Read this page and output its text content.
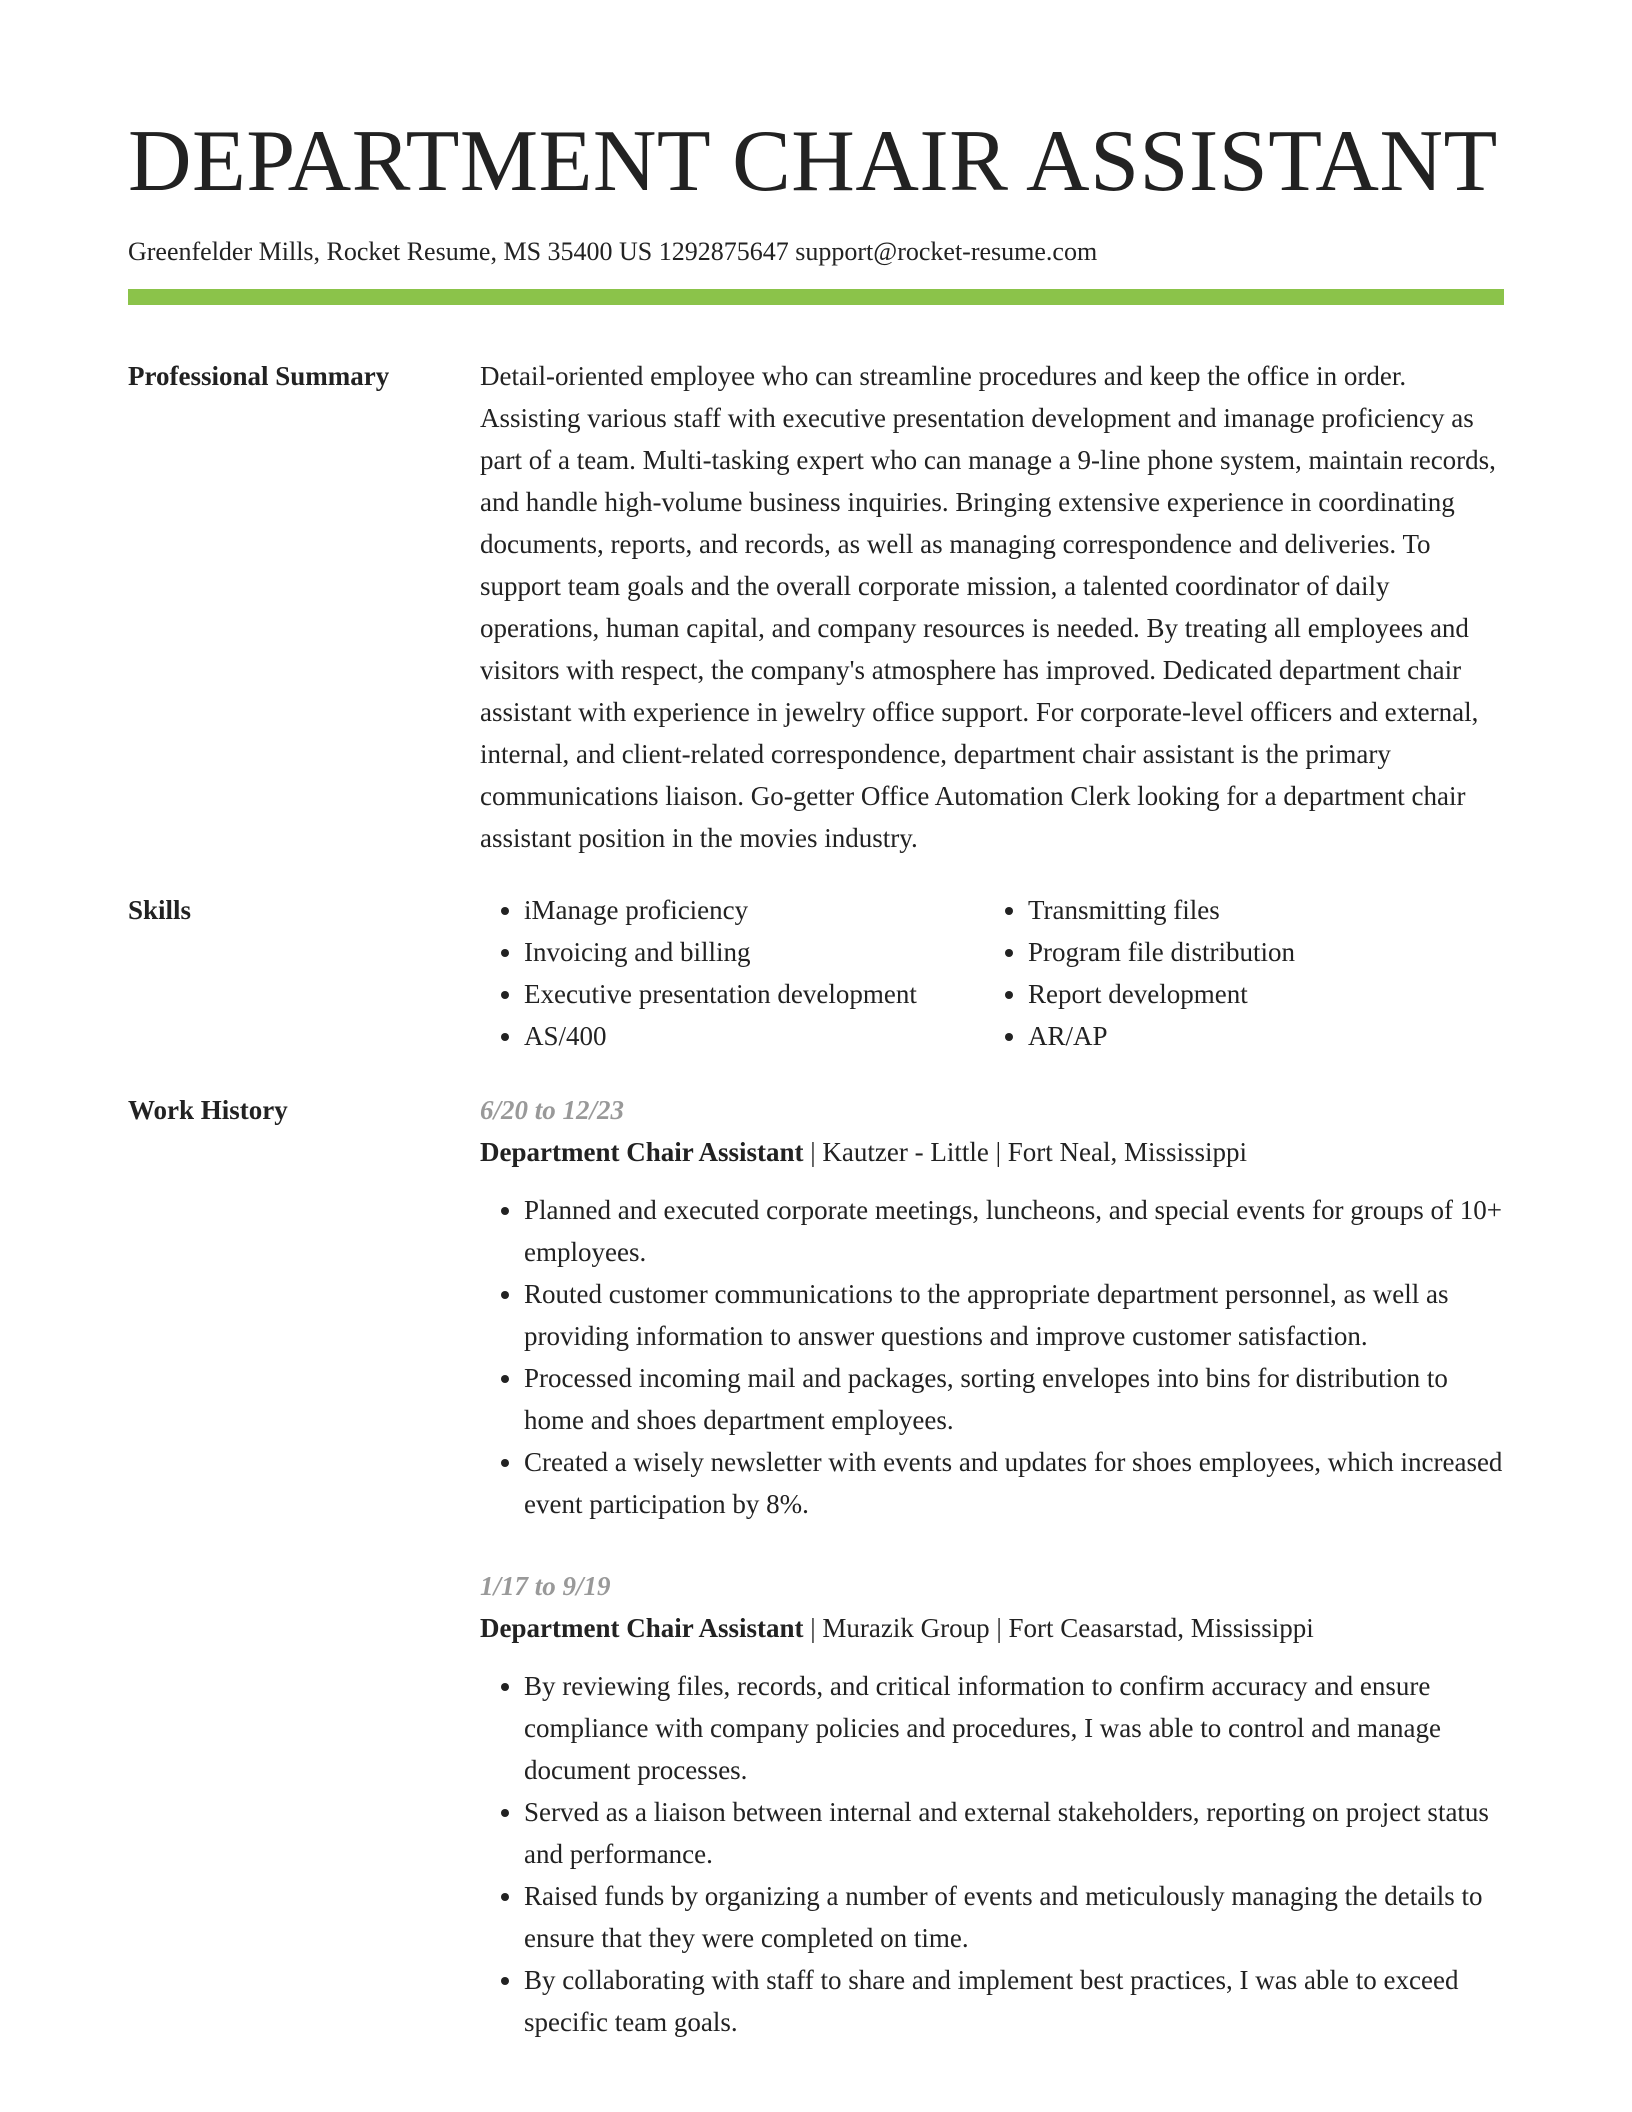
DEPARTMENT CHAIR ASSISTANT
Greenfelder Mills, Rocket Resume, MS 35400 US 1292875647 support@rocket-resume.com
Professional Summary	Detail-oriented employee who can streamline procedures and keep the office in order. Assisting various staff with executive presentation development and imanage proficiency as part of a team. Multi-tasking expert who can manage a 9-line phone system, maintain records, and handle high-volume business inquiries. Bringing extensive experience in coordinating documents, reports, and records, as well as managing correspondence and deliveries. To support team goals and the overall corporate mission, a talented coordinator of daily operations, human capital, and company resources is needed. By treating all employees and visitors with respect, the company's atmosphere has improved. Dedicated department chair assistant with experience in jewelry office support. For corporate-level officers and external, internal, and client-related correspondence, department chair assistant is the primary communications liaison. Go-getter Office Automation Clerk looking for a department chair assistant position in the movies industry.

Skills
•	iManage proficiency
• Invoicing and billing
• Executive presentation development
• AS/400
• Transmitting files
• Program file distribution
• Report development
• AR/AP
Work History	6/20 to 12/23
Department Chair Assistant | Kautzer - Little | Fort Neal, Mississippi
• Planned and executed corporate meetings, luncheons, and special events for groups of 10+ employees.
• Routed customer communications to the appropriate department personnel, as well as providing information to answer questions and improve customer satisfaction.
• Processed incoming mail and packages, sorting envelopes into bins for distribution to home and shoes department employees.
• Created a wisely newsletter with events and updates for shoes employees, which increased event participation by 8%.
1/17 to 9/19
Department Chair Assistant | Murazik Group | Fort Ceasarstad, Mississippi
• By reviewing files, records, and critical information to confirm accuracy and ensure compliance with company policies and procedures, I was able to control and manage document processes.
• Served as a liaison between internal and external stakeholders, reporting on project status and performance.
• Raised funds by organizing a number of events and meticulously managing the details to ensure that they were completed on time.
• By collaborating with staff to share and implement best practices, I was able to exceed specific team goals.
